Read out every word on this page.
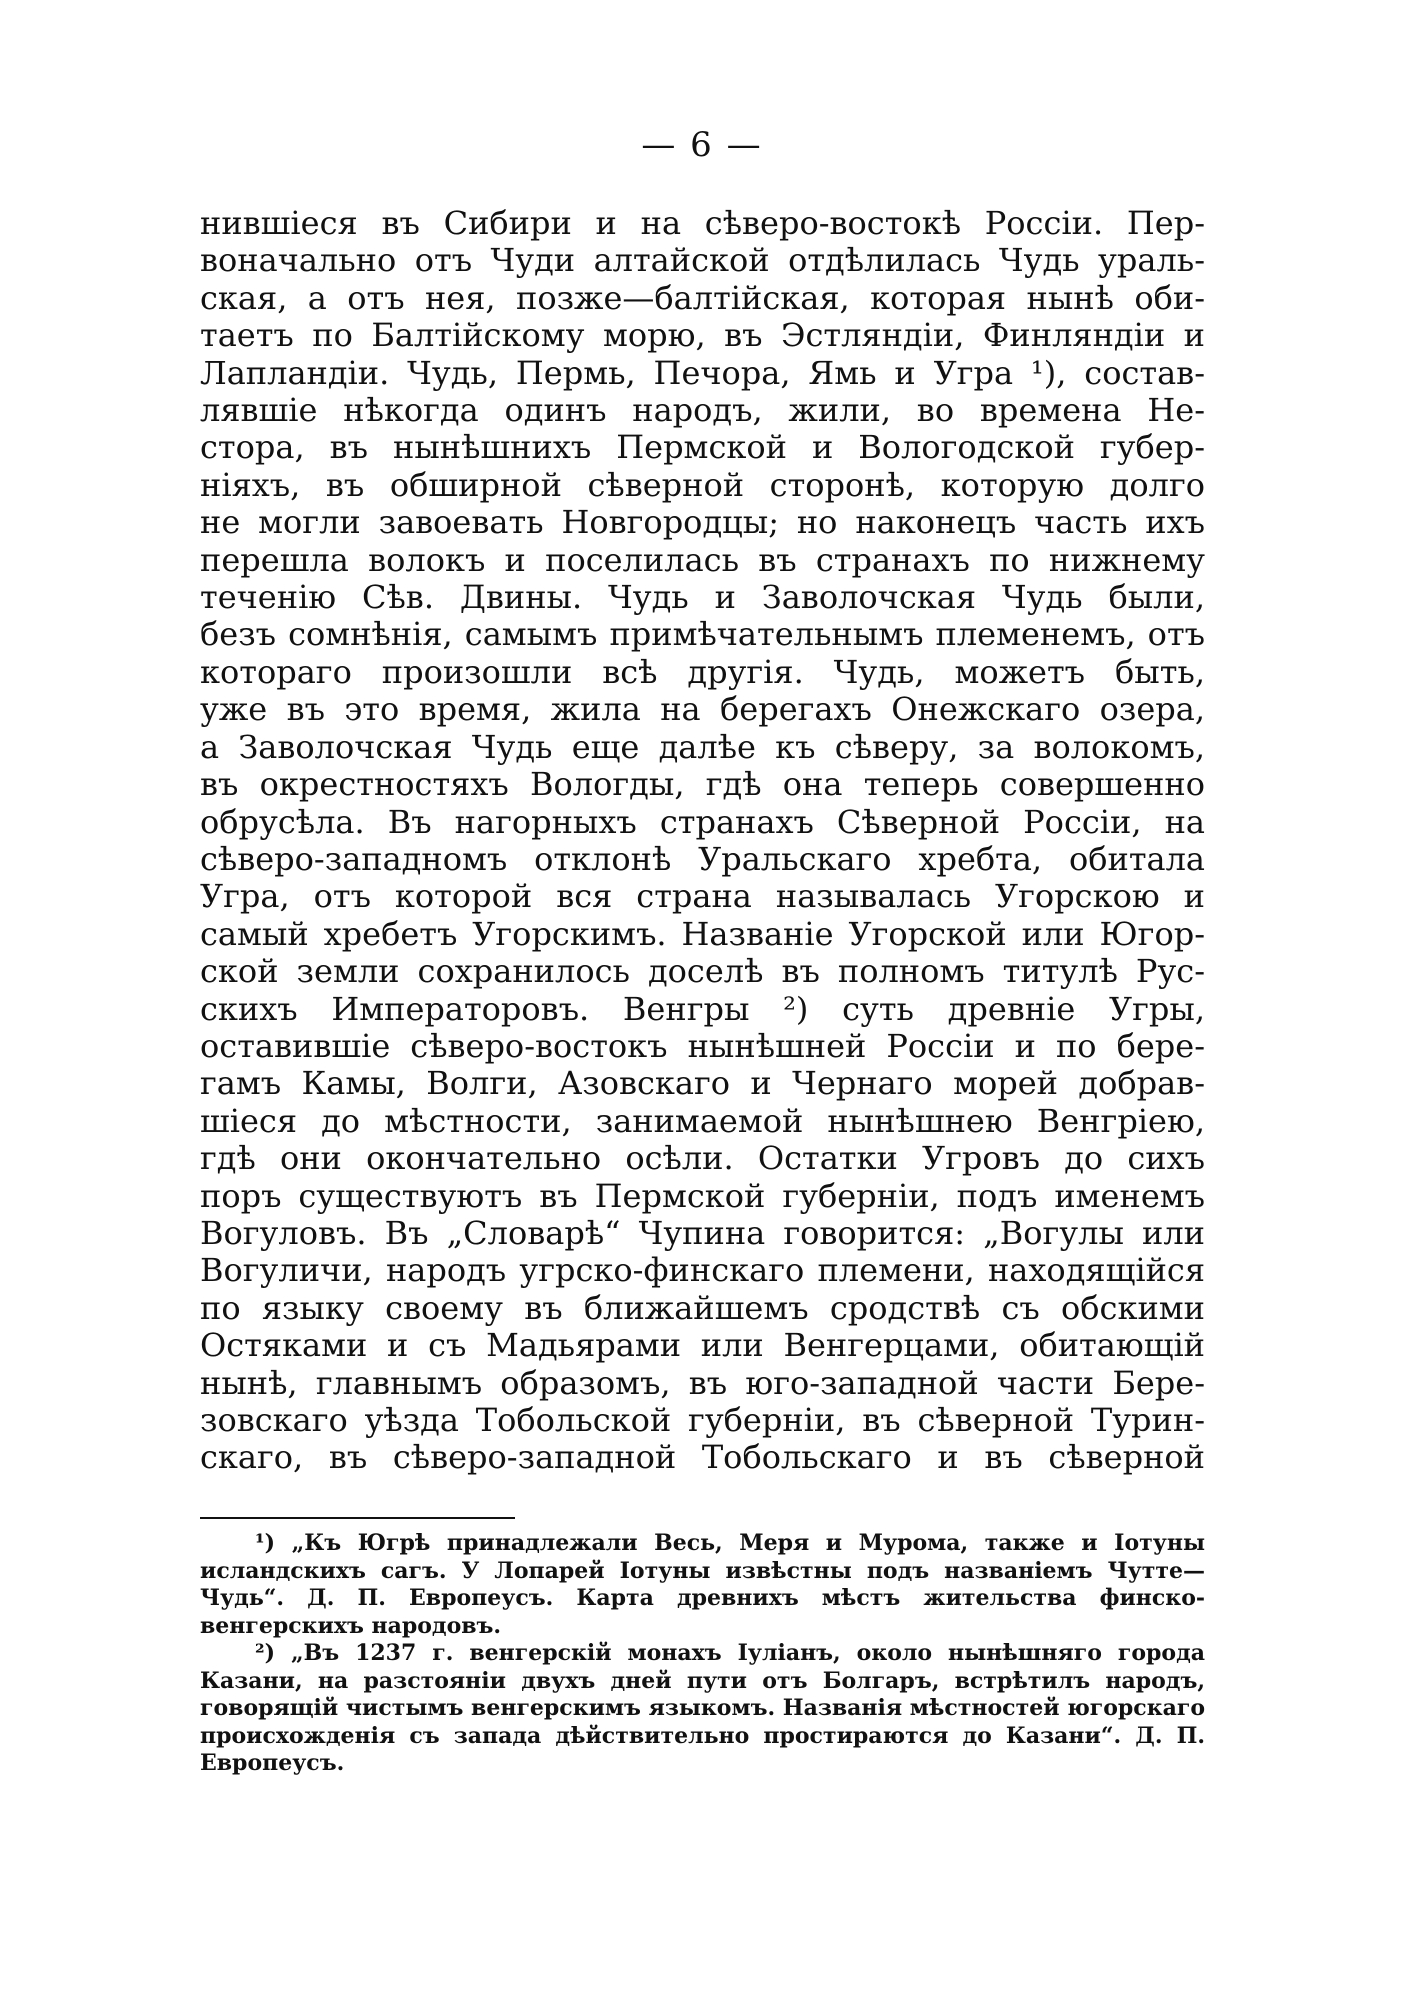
— 6 —
нившіеся въ Сибири и на сѣверо-востокѣ Россіи. Пер-
воначально отъ Чуди алтайской отдѣлилась Чудь ураль-
ская, а отъ нея, позже—балтійская, которая нынѣ оби-
таетъ по Балтійскому морю, въ Эстляндіи, Финляндіи и
Лапландіи. Чудь, Пермь, Печора, Ямь и Угра ¹), состав-
лявшіе нѣкогда одинъ народъ, жили, во времена Не-
стора, въ нынѣшнихъ Пермской и Вологодской губер-
ніяхъ, въ обширной сѣверной сторонѣ, которую долго
не могли завоевать Новгородцы; но наконецъ часть ихъ
перешла волокъ и поселилась въ странахъ по нижнему
теченію Сѣв. Двины. Чудь и Заволочская Чудь были,
безъ сомнѣнія, самымъ примѣчательнымъ племенемъ, отъ
котораго произошли всѣ другія. Чудь, можетъ быть,
уже въ это время, жила на берегахъ Онежскаго озера,
а Заволочская Чудь еще далѣе къ сѣверу, за волокомъ,
въ окрестностяхъ Вологды, гдѣ она теперь совершенно
обрусѣла. Въ нагорныхъ странахъ Сѣверной Россіи, на
сѣверо-западномъ отклонѣ Уральскаго хребта, обитала
Угра, отъ которой вся страна называлась Угорскою и
самый хребетъ Угорскимъ. Названіе Угорской или Югор-
ской земли сохранилось доселѣ въ полномъ титулѣ Рус-
скихъ Императоровъ. Венгры ²) суть древніе Угры,
оставившіе сѣверо-востокъ нынѣшней Россіи и по бере-
гамъ Камы, Волги, Азовскаго и Чернаго морей добрав-
шіеся до мѣстности, занимаемой нынѣшнею Венгріею,
гдѣ они окончательно осѣли. Остатки Угровъ до сихъ
поръ существуютъ въ Пермской губерніи, подъ именемъ
Вогуловъ. Въ „Словарѣ“ Чупина говорится: „Вогулы или
Вогуличи, народъ угрско-финскаго племени, находящійся
по языку своему въ ближайшемъ сродствѣ съ обскими
Остяками и съ Мадьярами или Венгерцами, обитающій
нынѣ, главнымъ образомъ, въ юго-западной части Бере-
зовскаго уѣзда Тобольской губерніи, въ сѣверной Турин-
скаго, въ сѣверо-западной Тобольскаго и въ сѣверной
¹) „Къ Югрѣ принадлежали Весь, Меря и Мурома, также и Іотуны
исландскихъ сагъ. У Лопарей Іотуны извѣстны подъ названіемъ Чутте—
Чудь“. Д. П. Европеусъ. Карта древнихъ мѣстъ жительства финско-
венгерскихъ народовъ.
²) „Въ 1237 г. венгерскій монахъ Іуліанъ, около нынѣшняго города
Казани, на разстояніи двухъ дней пути отъ Болгаръ, встрѣтилъ народъ,
говорящій чистымъ венгерскимъ языкомъ. Названія мѣстностей югорскаго
происхожденія съ запада дѣйствительно простираются до Казани“. Д. П.
Европеусъ.
